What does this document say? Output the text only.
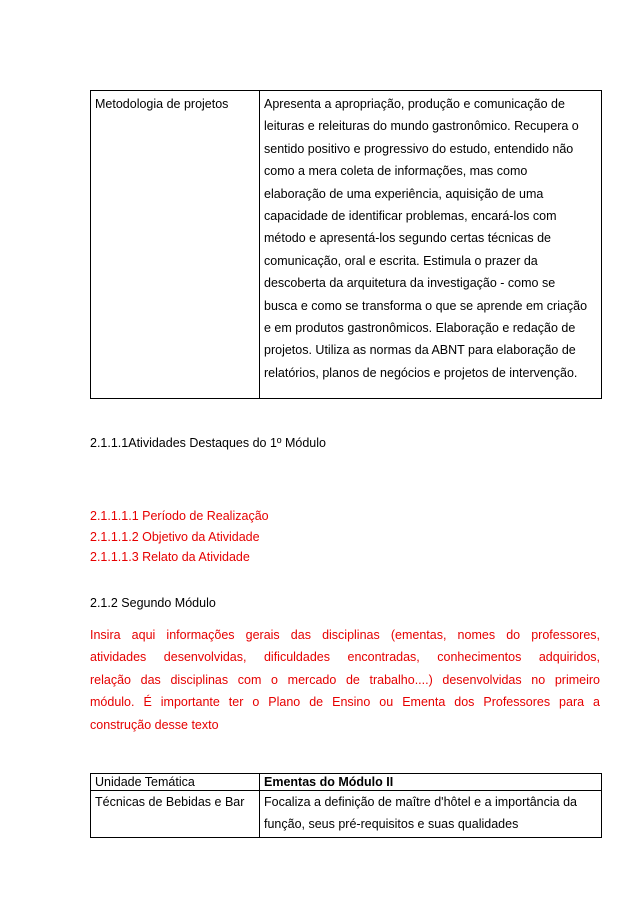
Metodologia de projetos	Apresenta a apropriação, produção e comunicação de
leituras e releituras do mundo gastronômico. Recupera o
sentido positivo e progressivo do estudo, entendido não
como a mera coleta de informações, mas como
elaboração de uma experiência, aquisição de uma
capacidade de identificar problemas, encará-los com
método e apresentá-los segundo certas técnicas de
comunicação, oral e escrita. Estimula o prazer da
descoberta da arquitetura da investigação - como se
busca e como se transforma o que se aprende em criação
e em produtos gastronômicos. Elaboração e redação de
projetos. Utiliza as normas da ABNT para elaboração de
relatórios, planos de negócios e projetos de intervenção.
2.1.1.1Atividades Destaques do 1º Módulo
2.1.1.1.1 Período de Realização
2.1.1.1.2 Objetivo da Atividade
2.1.1.1.3 Relato da Atividade
2.1.2 Segundo Módulo
Insira aqui informações gerais das disciplinas (ementas, nomes do professores,
atividades desenvolvidas, dificuldades encontradas, conhecimentos adquiridos,
relação das disciplinas com o mercado de trabalho....) desenvolvidas no primeiro
módulo. É importante ter o Plano de Ensino ou Ementa dos Professores para a
construção desse texto
Unidade Temática	Ementas do Módulo II
Técnicas de Bebidas e Bar	Focaliza a definição de maître d'hôtel e a importância da
função, seus pré-requisitos e suas qualidades
